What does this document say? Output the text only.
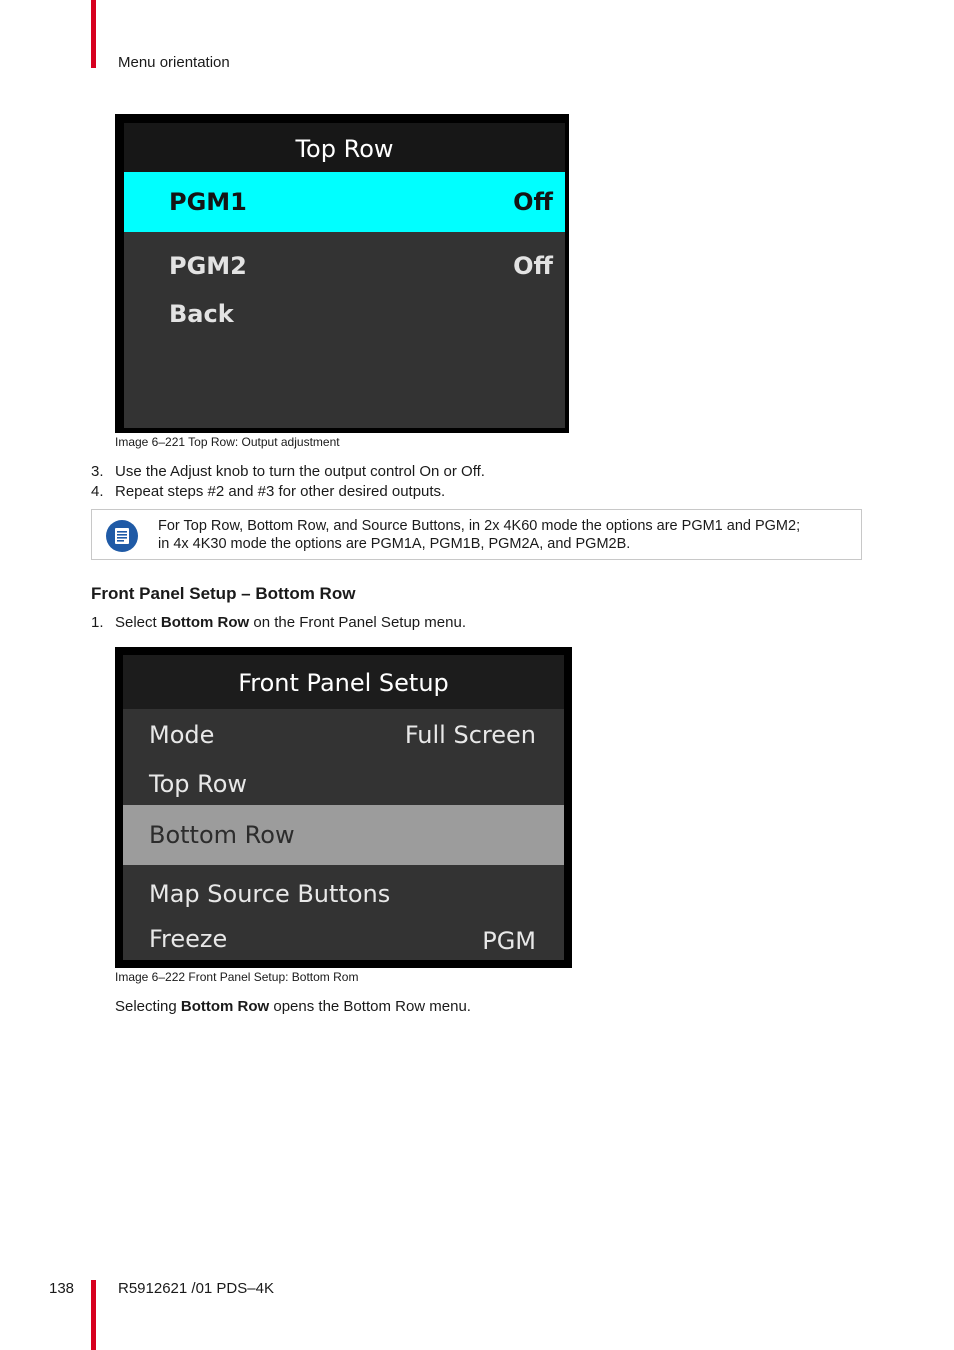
Menu orientation
Top Row
PGM1	Off
PGM2	Off
Back
Image 6–221 Top Row: Output adjustment
3. Use the Adjust knob to turn the output control On or Off.
4. Repeat steps #2 and #3 for other desired outputs.
For Top Row, Bottom Row, and Source Buttons, in 2x 4K60 mode the options are PGM1 and PGM2;
in 4x 4K30 mode the options are PGM1A, PGM1B, PGM2A, and PGM2B.
Front Panel Setup – Bottom Row
1. Select Bottom Row on the Front Panel Setup menu.
Front Panel Setup
Mode	Full Screen
Top Row
Bottom Row
Map Source Buttons
Freeze	PGM
Image 6–222 Front Panel Setup: Bottom Rom
Selecting Bottom Row opens the Bottom Row menu.
138	R5912621 /01 PDS–4K
